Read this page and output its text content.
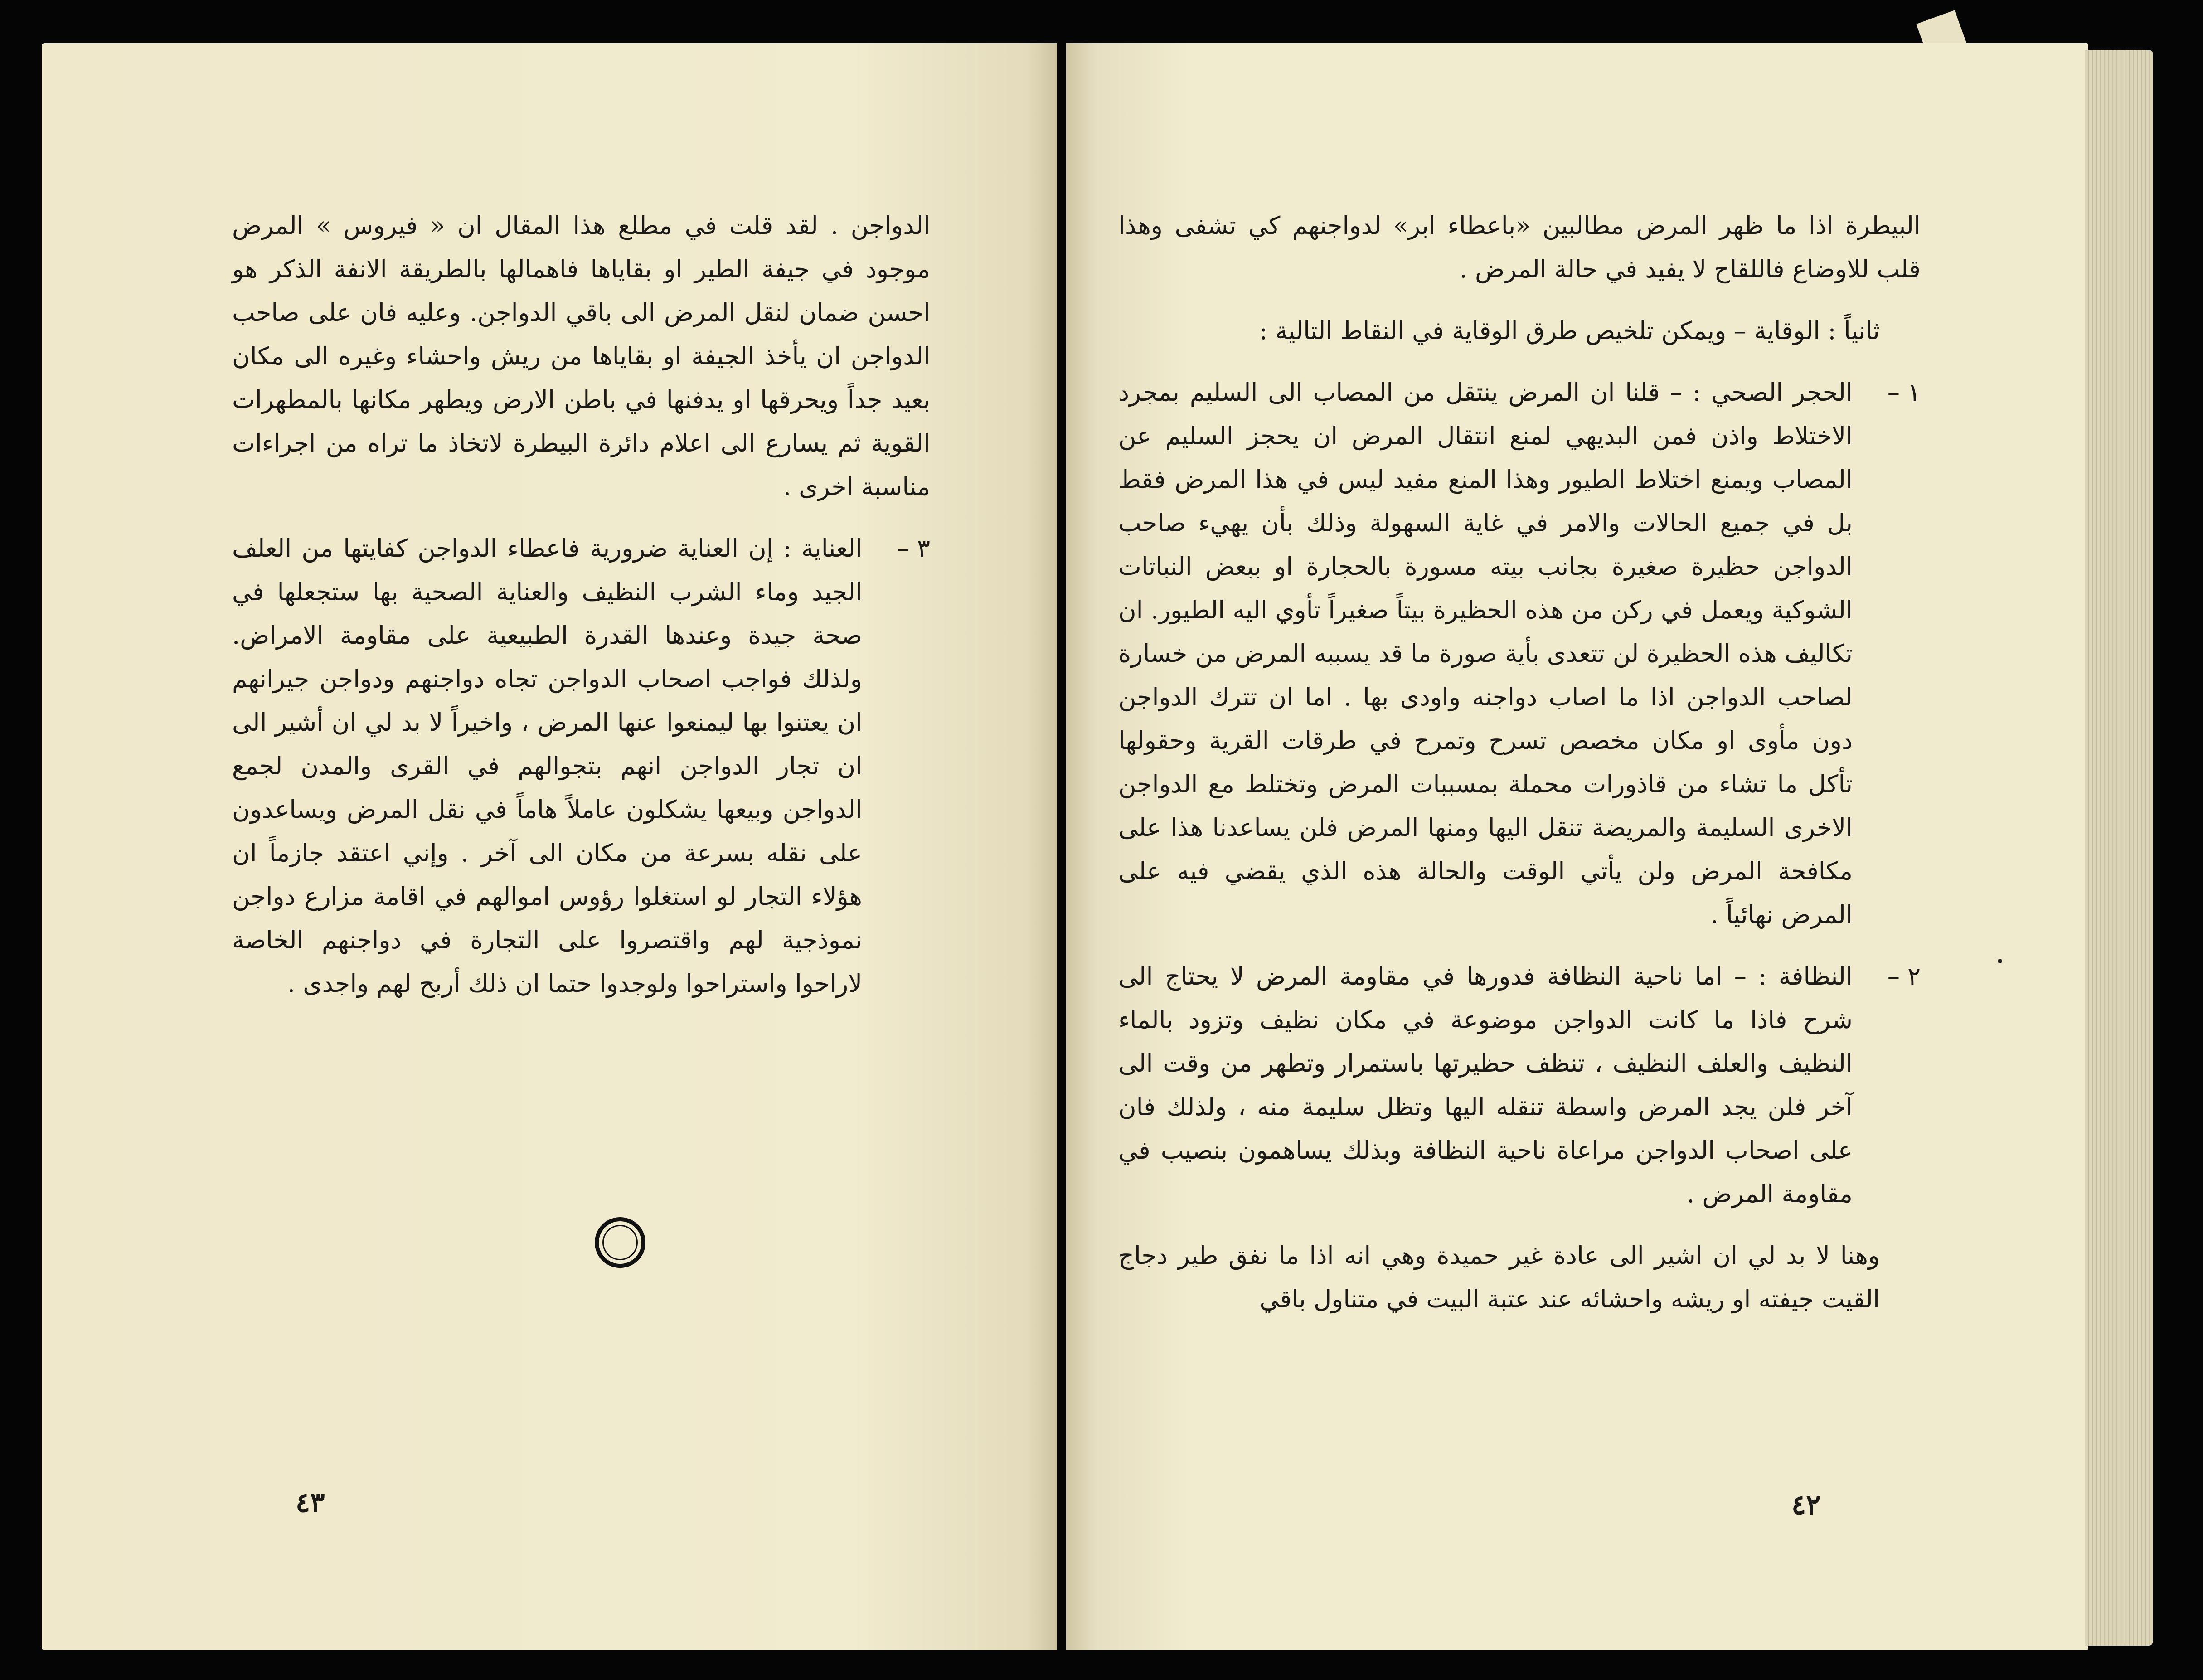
الدواجن . لقد قلت في مطلع هذا المقال ان « فيروس » المرض موجود في جيفة الطير او بقاياها فاهمالها بالطريقة الانفة الذكر هو احسن ضمان لنقل المرض الى باقي الدواجن. وعليه فان على صاحب الدواجن ان يأخذ الجيفة او بقاياها من ريش واحشاء وغيره الى مكان بعيد جداً ويحرقها او يدفنها في باطن الارض ويطهر مكانها بالمطهرات القوية ثم يسارع الى اعلام دائرة البيطرة لاتخاذ ما تراه من اجراءات مناسبة اخرى .

٣ –
العناية : إن العناية ضرورية فاعطاء الدواجن كفايتها من العلف الجيد وماء الشرب النظيف والعناية الصحية بها ستجعلها في صحة جيدة وعندها القدرة الطبيعية على مقاومة الامراض. ولذلك فواجب اصحاب الدواجن تجاه دواجنهم ودواجن جيرانهم ان يعتنوا بها ليمنعوا عنها المرض ، واخيراً لا بد لي ان أشير الى ان تجار الدواجن انهم بتجوالهم في القرى والمدن لجمع الدواجن وبيعها يشكلون عاملاً هاماً في نقل المرض ويساعدون على نقله بسرعة من مكان الى آخر . وإني اعتقد جازماً ان هؤلاء التجار لو استغلوا رؤوس اموالهم في اقامة مزارع دواجن نموذجية لهم واقتصروا على التجارة في دواجنهم الخاصة لاراحوا واستراحوا ولوجدوا حتما ان ذلك أربح لهم واجدى .

٤٣

البيطرة اذا ما ظهر المرض مطالبين «باعطاء ابر» لدواجنهم كي تشفى وهذا قلب للاوضاع فاللقاح لا يفيد في حالة المرض .

ثانياً : الوقاية – ويمكن تلخيص طرق الوقاية في النقاط التالية :

١ –
الحجر الصحي : – قلنا ان المرض ينتقل من المصاب الى السليم بمجرد الاختلاط واذن فمن البديهي لمنع انتقال المرض ان يحجز السليم عن المصاب ويمنع اختلاط الطيور وهذا المنع مفيد ليس في هذا المرض فقط بل في جميع الحالات والامر في غاية السهولة وذلك بأن يهيء صاحب الدواجن حظيرة صغيرة بجانب بيته مسورة بالحجارة او ببعض النباتات الشوكية ويعمل في ركن من هذه الحظيرة بيتاً صغيراً تأوي اليه الطيور. ان تكاليف هذه الحظيرة لن تتعدى بأية صورة ما قد يسببه المرض من خسارة لصاحب الدواجن اذا ما اصاب دواجنه واودى بها . اما ان تترك الدواجن دون مأوى او مكان مخصص تسرح وتمرح في طرقات القرية وحقولها تأكل ما تشاء من قاذورات محملة بمسببات المرض وتختلط مع الدواجن الاخرى السليمة والمريضة تنقل اليها ومنها المرض فلن يساعدنا هذا على مكافحة المرض ولن يأتي الوقت والحالة هذه الذي يقضي فيه على المرض نهائياً .

٢ –
النظافة : – اما ناحية النظافة فدورها في مقاومة المرض لا يحتاج الى شرح فاذا ما كانت الدواجن موضوعة في مكان نظيف وتزود بالماء النظيف والعلف النظيف ، تنظف حظيرتها باستمرار وتطهر من وقت الى آخر فلن يجد المرض واسطة تنقله اليها وتظل سليمة منه ، ولذلك فان على اصحاب الدواجن مراعاة ناحية النظافة وبذلك يساهمون بنصيب في مقاومة المرض .

وهنا لا بد لي ان اشير الى عادة غير حميدة وهي انه اذا ما نفق طير دجاج القيت جيفته او ريشه واحشائه عند عتبة البيت في متناول باقي

٤٢
